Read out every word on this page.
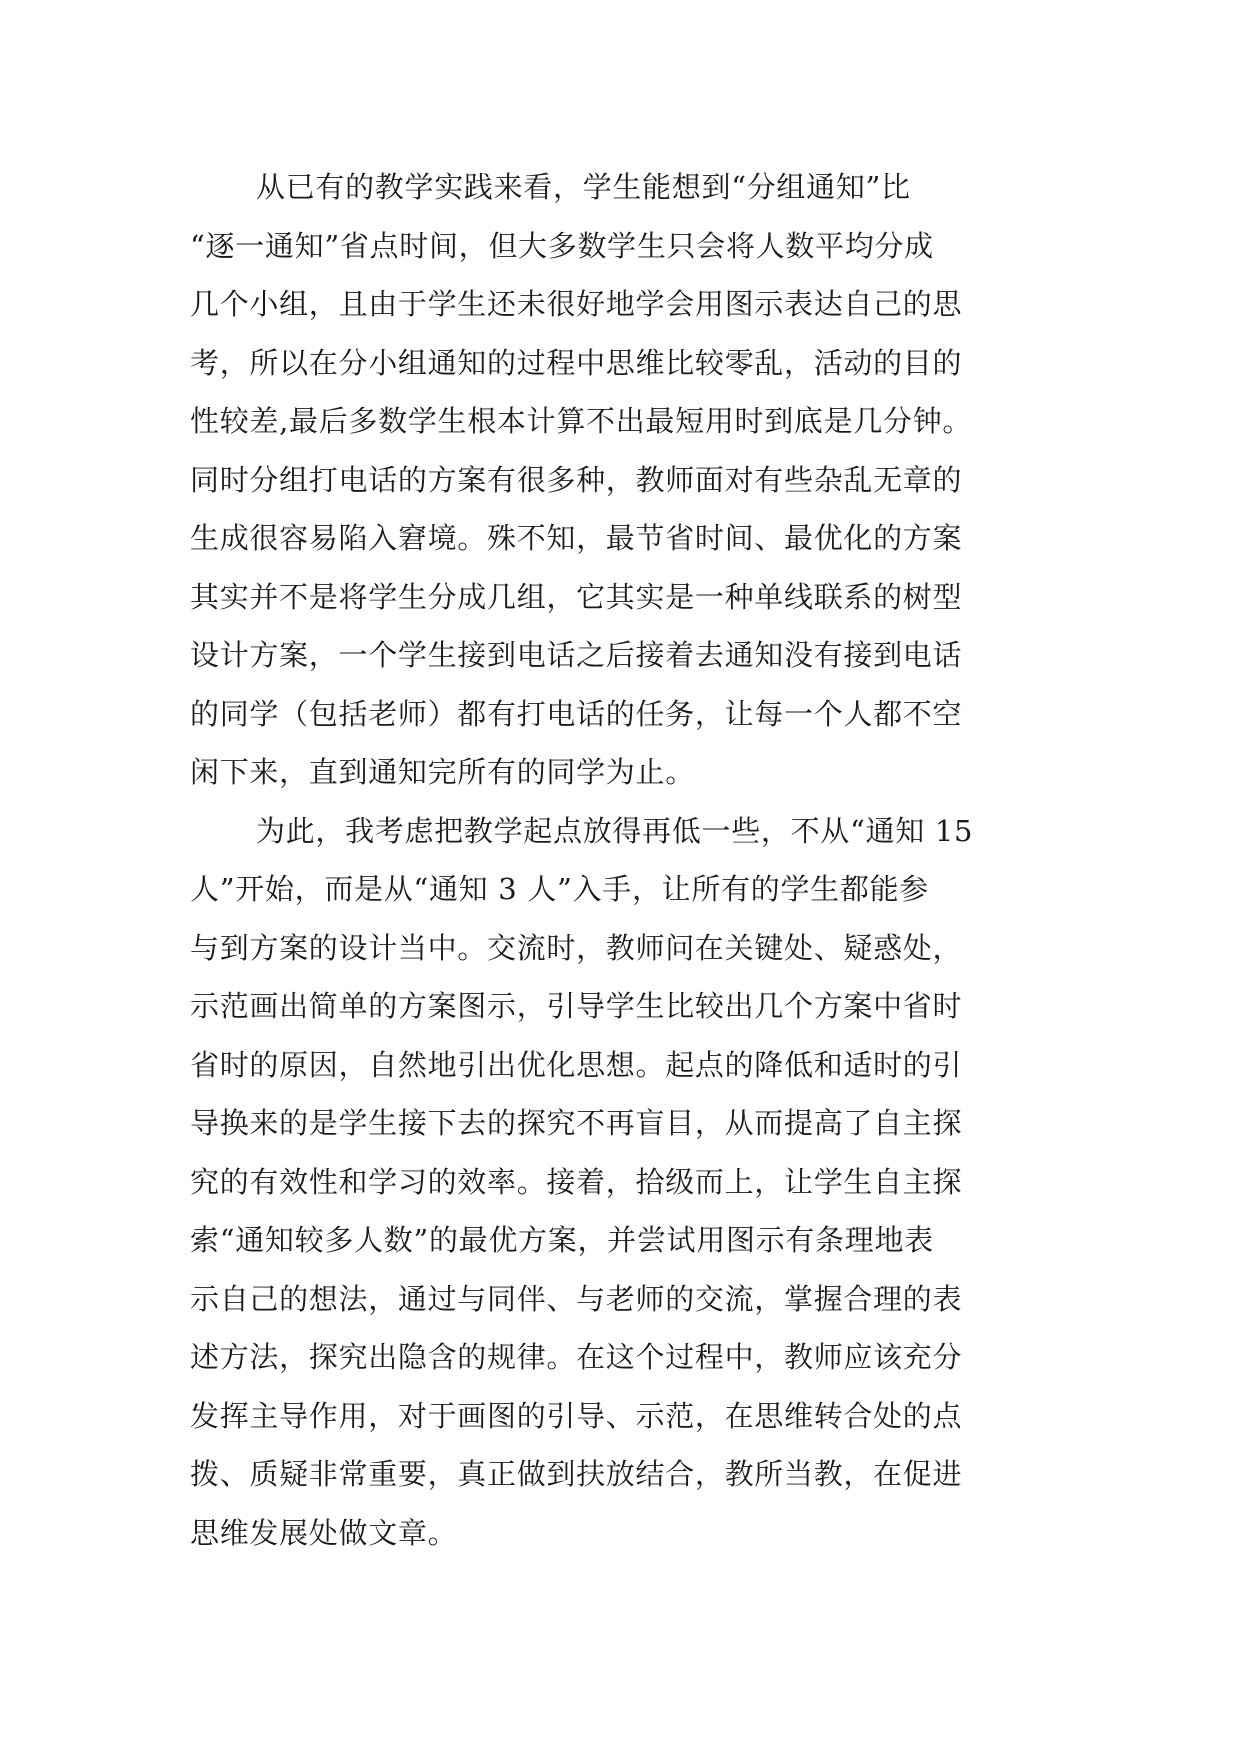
从已有的教学实践来看，学生能想到“分组通知”比
“逐一通知”省点时间，但大多数学生只会将人数平均分成
几个小组，且由于学生还未很好地学会用图示表达自己的思
考，所以在分小组通知的过程中思维比较零乱，活动的目的
性较差,最后多数学生根本计算不出最短用时到底是几分钟。
同时分组打电话的方案有很多种，教师面对有些杂乱无章的
生成很容易陷入窘境。殊不知，最节省时间、最优化的方案
其实并不是将学生分成几组，它其实是一种单线联系的树型
设计方案，一个学生接到电话之后接着去通知没有接到电话
的同学（包括老师）都有打电话的任务，让每一个人都不空
闲下来，直到通知完所有的同学为止。
为此，我考虑把教学起点放得再低一些，不从“通知 15
人”开始，而是从“通知 3 人”入手，让所有的学生都能参
与到方案的设计当中。交流时，教师问在关键处、疑惑处，
示范画出简单的方案图示，引导学生比较出几个方案中省时
省时的原因，自然地引出优化思想。起点的降低和适时的引
导换来的是学生接下去的探究不再盲目，从而提高了自主探
究的有效性和学习的效率。接着，拾级而上，让学生自主探
索“通知较多人数”的最优方案，并尝试用图示有条理地表
示自己的想法，通过与同伴、与老师的交流，掌握合理的表
述方法，探究出隐含的规律。在这个过程中，教师应该充分
发挥主导作用，对于画图的引导、示范，在思维转合处的点
拨、质疑非常重要，真正做到扶放结合，教所当教，在促进
思维发展处做文章。
